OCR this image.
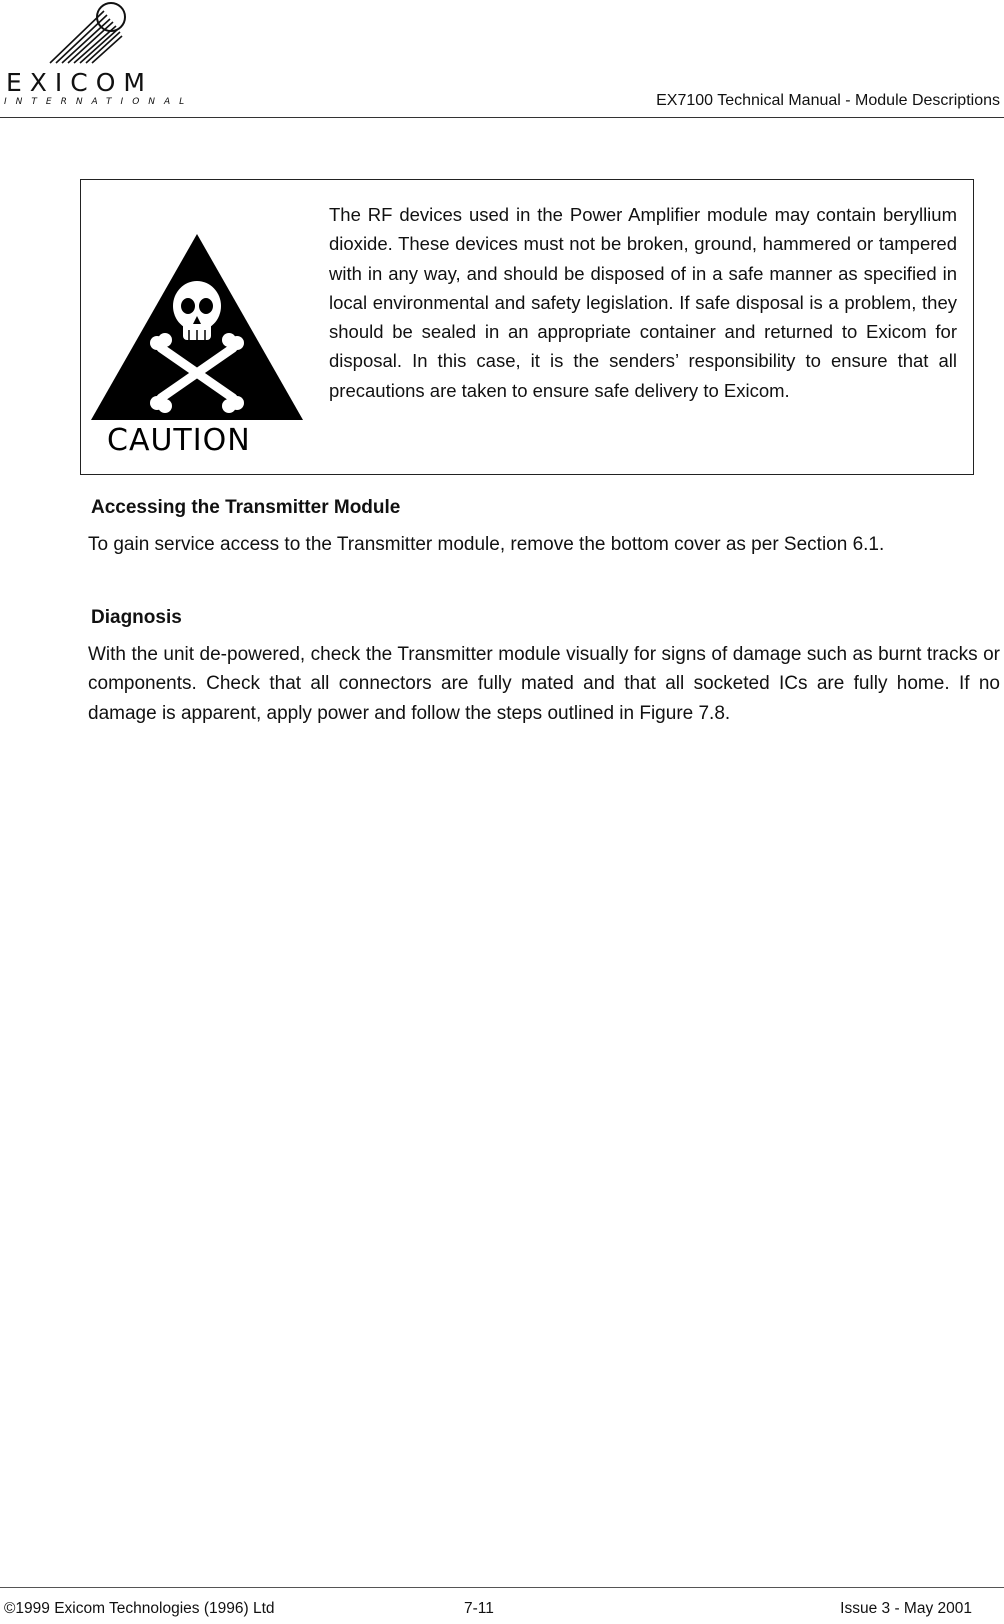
EXICOM
INTERNATIONAL	EX7100 Technical Manual - Module Descriptions
CAUTION
The RF devices used in the Power Amplifier module may contain beryllium dioxide. These devices must not be broken, ground, hammered or tampered with in any way, and should be disposed of in a safe manner as specified in local environmental and safety legislation. If safe disposal is a problem, they should be sealed in an appropriate container and returned to Exicom for disposal. In this case, it is the senders’ responsibility to ensure that all precautions are taken to ensure safe delivery to Exicom.
Accessing the Transmitter Module
To gain service access to the Transmitter module, remove the bottom cover as per Section 6.1.
Diagnosis
With the unit de-powered, check the Transmitter module visually for signs of damage such as burnt tracks or components. Check that all connectors are fully mated and that all socketed ICs are fully home. If no damage is apparent, apply power and follow the steps outlined in Figure 7.8.
©1999 Exicom Technologies (1996) Ltd	7-11	Issue 3 - May 2001
